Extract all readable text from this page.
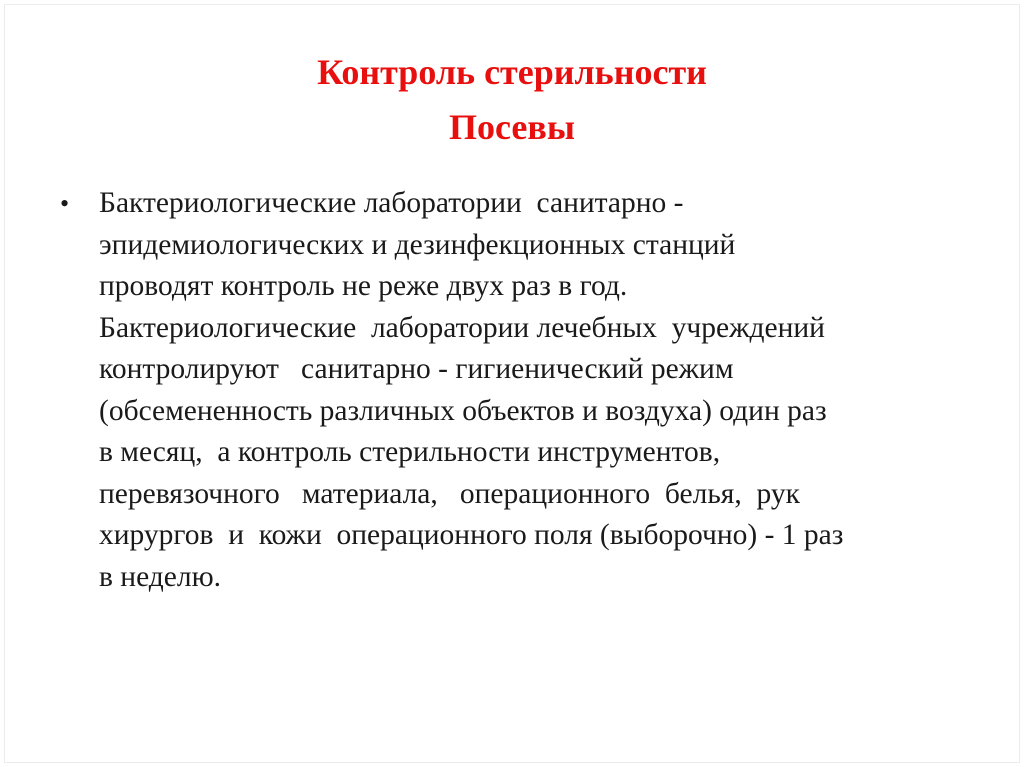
Контроль стерильности
Посевы
•	Бактериологические лаборатории  санитарно -
эпидемиологических и дезинфекционных станций
проводят контроль не реже двух раз в год.
Бактериологические  лаборатории лечебных  учреждений
контролируют   санитарно - гигиенический режим
(обсемененность различных объектов и воздуха) один раз
в месяц,  а контроль стерильности инструментов,
перевязочного   материала,   операционного  белья,  рук
хирургов  и  кожи  операционного поля (выборочно) - 1 раз
в неделю.
